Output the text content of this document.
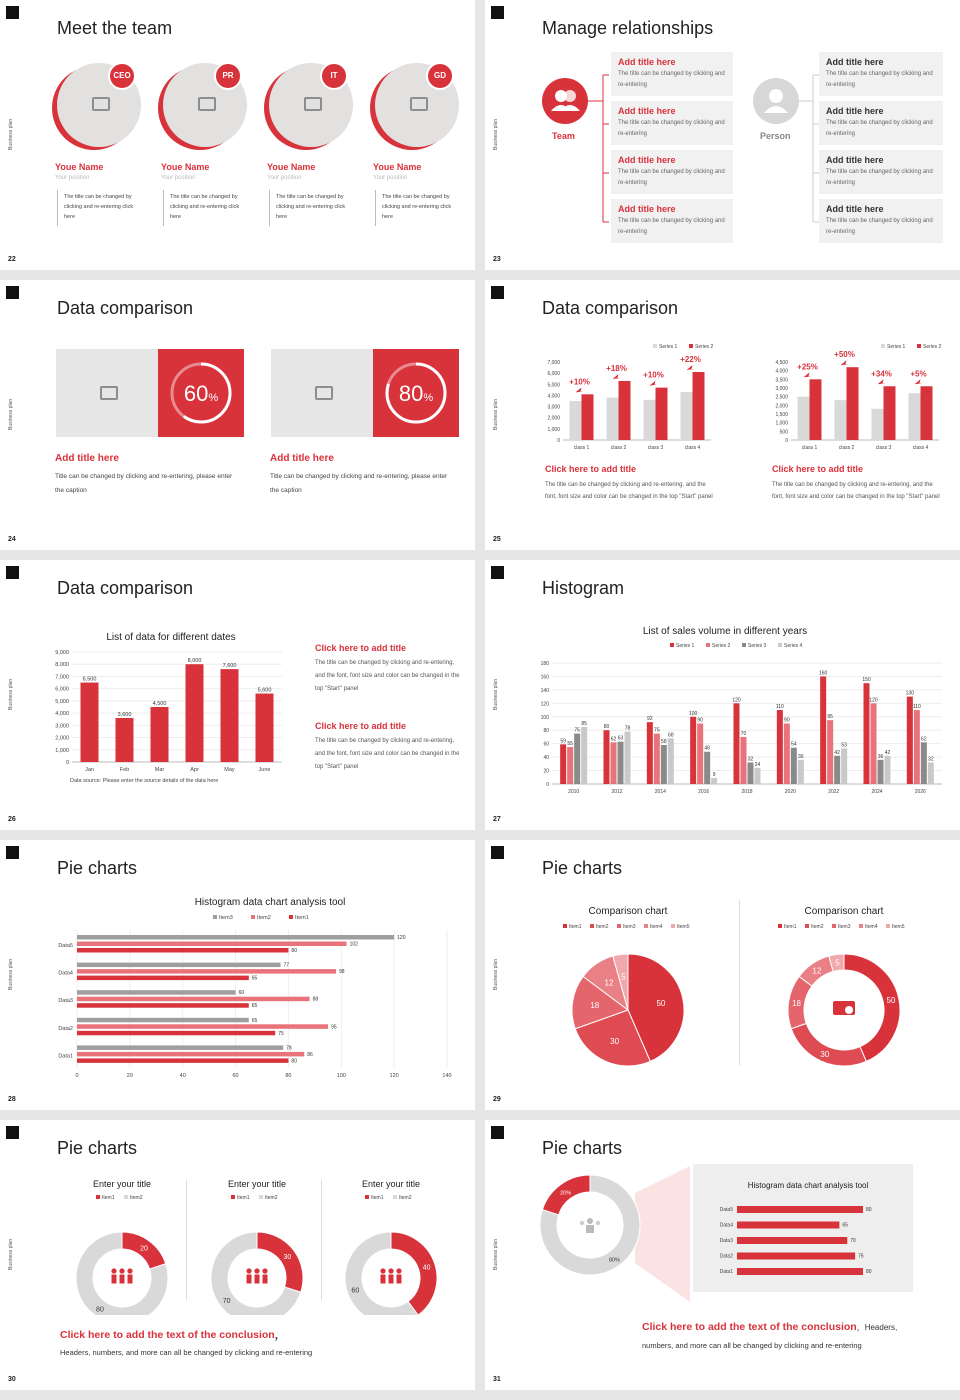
Business plan
Meet the team
22
CEO
Youe Name
Your position
The title can be changed by clicking and re-entering click here
PR
Youe Name
Your position
The title can be changed by clicking and re-entering click here
IT
Youe Name
Your position
The title can be changed by clicking and re-entering click here
GD
Youe Name
Your position
The title can be changed by clicking and re-entering click here
Business plan
Manage relationships
23
Team	Person
Add title here
The title can be changed by clicking and re-entering
Add title here
The title can be changed by clicking and re-entering
Add title here
The title can be changed by clicking and re-entering
Add title here
The title can be changed by clicking and re-entering
Add title here
The title can be changed by clicking and re-entering
Add title here
The title can be changed by clicking and re-entering
Add title here
The title can be changed by clicking and re-entering
Add title here
The title can be changed by clicking and re-entering
Business plan
Data comparison
24
60%
Add title here
Title can be changed by clicking and re-entering, please enter the caption
80%
Add title here
Title can be changed by clicking and re-entering, please enter the caption
Business plan
Data comparison
25
0
1,000
2,000
3,000
4,000
5,000
6,000
7,000
class 1
+10%
class 2
+18%
class 3
+10%
class 4
+22%
Series 1	Series 2
0
500
1,000
1,500
2,000
2,500
3,000
3,500
4,000
4,500
class 1
+25%
class 2
+50%
class 3
+34%
class 4
+5%
Series 1	Series 2
Click here to add title
The title can be changed by clicking and re-entering, and the font, font size and color can be changed in the top "Start" panel
Click here to add title
The title can be changed by clicking and re-entering, and the font, font size and color can be changed in the top "Start" panel
Business plan
Data comparison
26
0
1,000
2,000
3,000
4,000
5,000
6,000
7,000
8,000
9,000
6,500
Jan
3,600
Feb
4,500
Mar
8,000
Apr
7,600
May
5,600
June
List of data for different dates
Data source: Please enter the source details of the data here
Click here to add title
The title can be changed by clicking and re-entering, and the font, font size and color can be changed in the top "Start" panel
Click here to add title
The title can be changed by clicking and re-entering, and the font, font size and color can be changed in the top "Start" panel
Business plan
Histogram
27
0
20
40
60
80
100
120
140
160
180
59 55
75
85
2010
80
62 63
78
2012
92
75
58
68
2014
100
90
48
9
2016
120
70
32
24
2018
110
90
54
36
2020
160
95
42
53
2022
150
120
36
42
2024
130
110
62
32
2026
Series 1	Series 2	Series 3	Series 4
List of sales volume in different years
Business plan
Pie charts
28
Histogram data chart analysis tool
Item3	Item2	Item1
0	20	40	60	80	100	120	140
Data1
78
86
80
Data2
65
95
75
Data3
60
88
65
Data4
77
98
65
Data5
120
102
80
Business plan
Pie charts
29
50
30
18
12
5
Comparison chart
Item1	Item2	Item3	Item4	Item5
50
30
18
12
5
Comparison chart
Item1	Item2	Item3	Item4	Item5
Business plan
Pie charts
30
20
80
Enter your title
Item1	Item2
30
70
Enter your title
Item1	Item2
40
60
Enter your title
Item1	Item2
Click here to add the text of the conclusion，
Headers, numbers, and more can all be changed by clicking and re-entering
Business plan
Pie charts
31
80%
20%
Histogram data chart analysis tool
Data5	80
Data4	65
Data3	70
Data2	75
Data1	80
Click here to add the text of the conclusion，Headers,
numbers, and more can all be changed by clicking and re-entering
